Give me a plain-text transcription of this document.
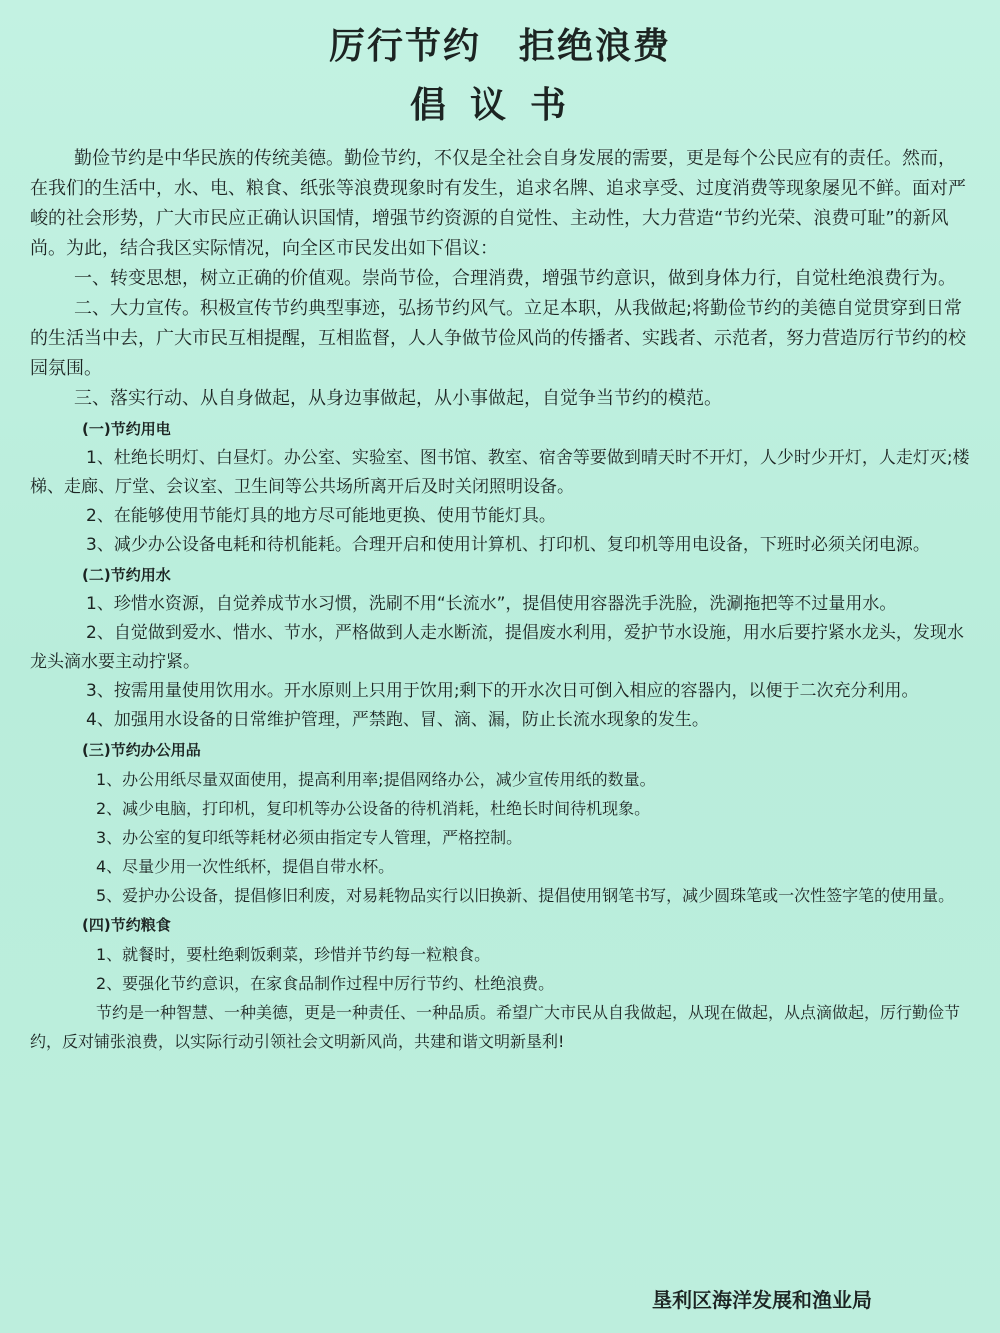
厉行节约　拒绝浪费
倡议书

勤俭节约是中华民族的传统美德。勤俭节约，不仅是全社会自身发展的需要，更是每个公民应有的责任。然而，在我们的生活中，水、电、粮食、纸张等浪费现象时有发生，追求名牌、追求享受、过度消费等现象屡见不鲜。面对严峻的社会形势，广大市民应正确认识国情，增强节约资源的自觉性、主动性，大力营造“节约光荣、浪费可耻”的新风尚。为此，结合我区实际情况，向全区市民发出如下倡议：

一、转变思想，树立正确的价值观。崇尚节俭，合理消费，增强节约意识，做到身体力行，自觉杜绝浪费行为。

二、大力宣传。积极宣传节约典型事迹，弘扬节约风气。立足本职，从我做起;将勤俭节约的美德自觉贯穿到日常的生活当中去，广大市民互相提醒，互相监督，人人争做节俭风尚的传播者、实践者、示范者，努力营造厉行节约的校园氛围。

三、落实行动、从自身做起，从身边事做起，从小事做起，自觉争当节约的模范。

(一)节约用电

1、杜绝长明灯、白昼灯。办公室、实验室、图书馆、教室、宿舍等要做到晴天时不开灯，人少时少开灯，人走灯灭;楼梯、走廊、厅堂、会议室、卫生间等公共场所离开后及时关闭照明设备。

2、在能够使用节能灯具的地方尽可能地更换、使用节能灯具。

3、减少办公设备电耗和待机能耗。合理开启和使用计算机、打印机、复印机等用电设备，下班时必须关闭电源。

(二)节约用水

1、珍惜水资源，自觉养成节水习惯，洗刷不用“长流水”，提倡使用容器洗手洗脸，洗涮拖把等不过量用水。

2、自觉做到爱水、惜水、节水，严格做到人走水断流，提倡废水利用，爱护节水设施，用水后要拧紧水龙头，发现水龙头滴水要主动拧紧。

3、按需用量使用饮用水。开水原则上只用于饮用;剩下的开水次日可倒入相应的容器内，以便于二次充分利用。

4、加强用水设备的日常维护管理，严禁跑、冒、滴、漏，防止长流水现象的发生。

(三)节约办公用品

1、办公用纸尽量双面使用，提高利用率;提倡网络办公，减少宣传用纸的数量。

2、减少电脑，打印机，复印机等办公设备的待机消耗，杜绝长时间待机现象。

3、办公室的复印纸等耗材必须由指定专人管理，严格控制。

4、尽量少用一次性纸杯，提倡自带水杯。

5、爱护办公设备，提倡修旧利废，对易耗物品实行以旧换新、提倡使用钢笔书写，减少圆珠笔或一次性签字笔的使用量。

(四)节约粮食

1、就餐时，要杜绝剩饭剩菜，珍惜并节约每一粒粮食。

2、要强化节约意识，在家食品制作过程中厉行节约、杜绝浪费。

节约是一种智慧、一种美德，更是一种责任、一种品质。希望广大市民从自我做起，从现在做起，从点滴做起，厉行勤俭节约，反对铺张浪费，以实际行动引领社会文明新风尚，共建和谐文明新垦利!

垦利区海洋发展和渔业局
